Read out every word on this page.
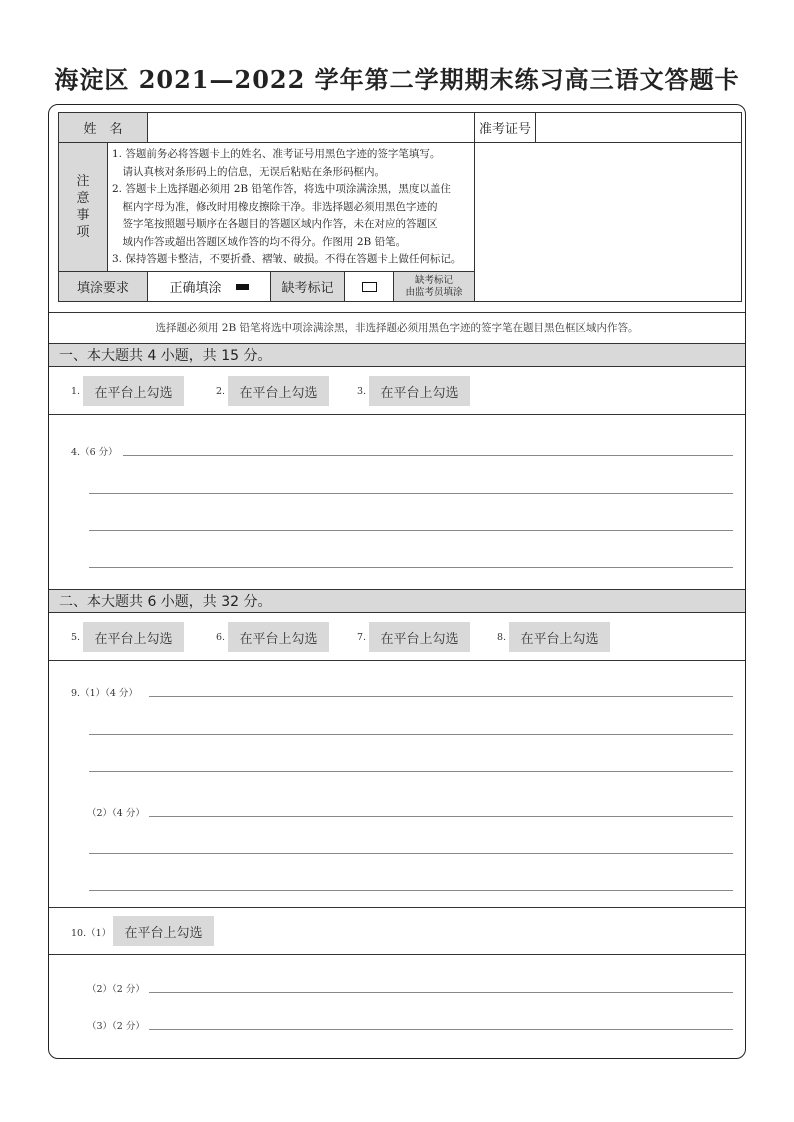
海淀区 2021—2022 学年第二学期期末练习高三语文答题卡
姓　名	准考证号
注
意
事
项
1. 答题前务必将答题卡上的姓名、准考证号用黑色字迹的签字笔填写。
　请认真核对条形码上的信息，无误后粘贴在条形码框内。
2. 答题卡上选择题必须用 2B 铅笔作答，将选中项涂满涂黑，黑度以盖住
　框内字母为准，修改时用橡皮擦除干净。非选择题必须用黑色字迹的
　签字笔按照题号顺序在各题目的答题区域内作答，未在对应的答题区
　域内作答或超出答题区域作答的均不得分。作图用 2B 铅笔。
3. 保持答题卡整洁，不要折叠、褶皱、破损。不得在答题卡上做任何标记。
填涂要求	正确填涂	缺考标记
缺考标记
由监考员填涂
选择题必须用 2B 铅笔将选中项涂满涂黑，非选择题必须用黑色字迹的签字笔在题目黑色框区域内作答。
一、本大题共 4 小题，共 15 分。
1. 在平台上勾选	2. 在平台上勾选	3. 在平台上勾选
4.（6 分）
二、本大题共 6 小题，共 32 分。
5. 在平台上勾选	6. 在平台上勾选	7. 在平台上勾选	8. 在平台上勾选
9.（1）（4 分）
（2）（4 分）
10.（1） 在平台上勾选
（2）（2 分）
（3）（2 分）
